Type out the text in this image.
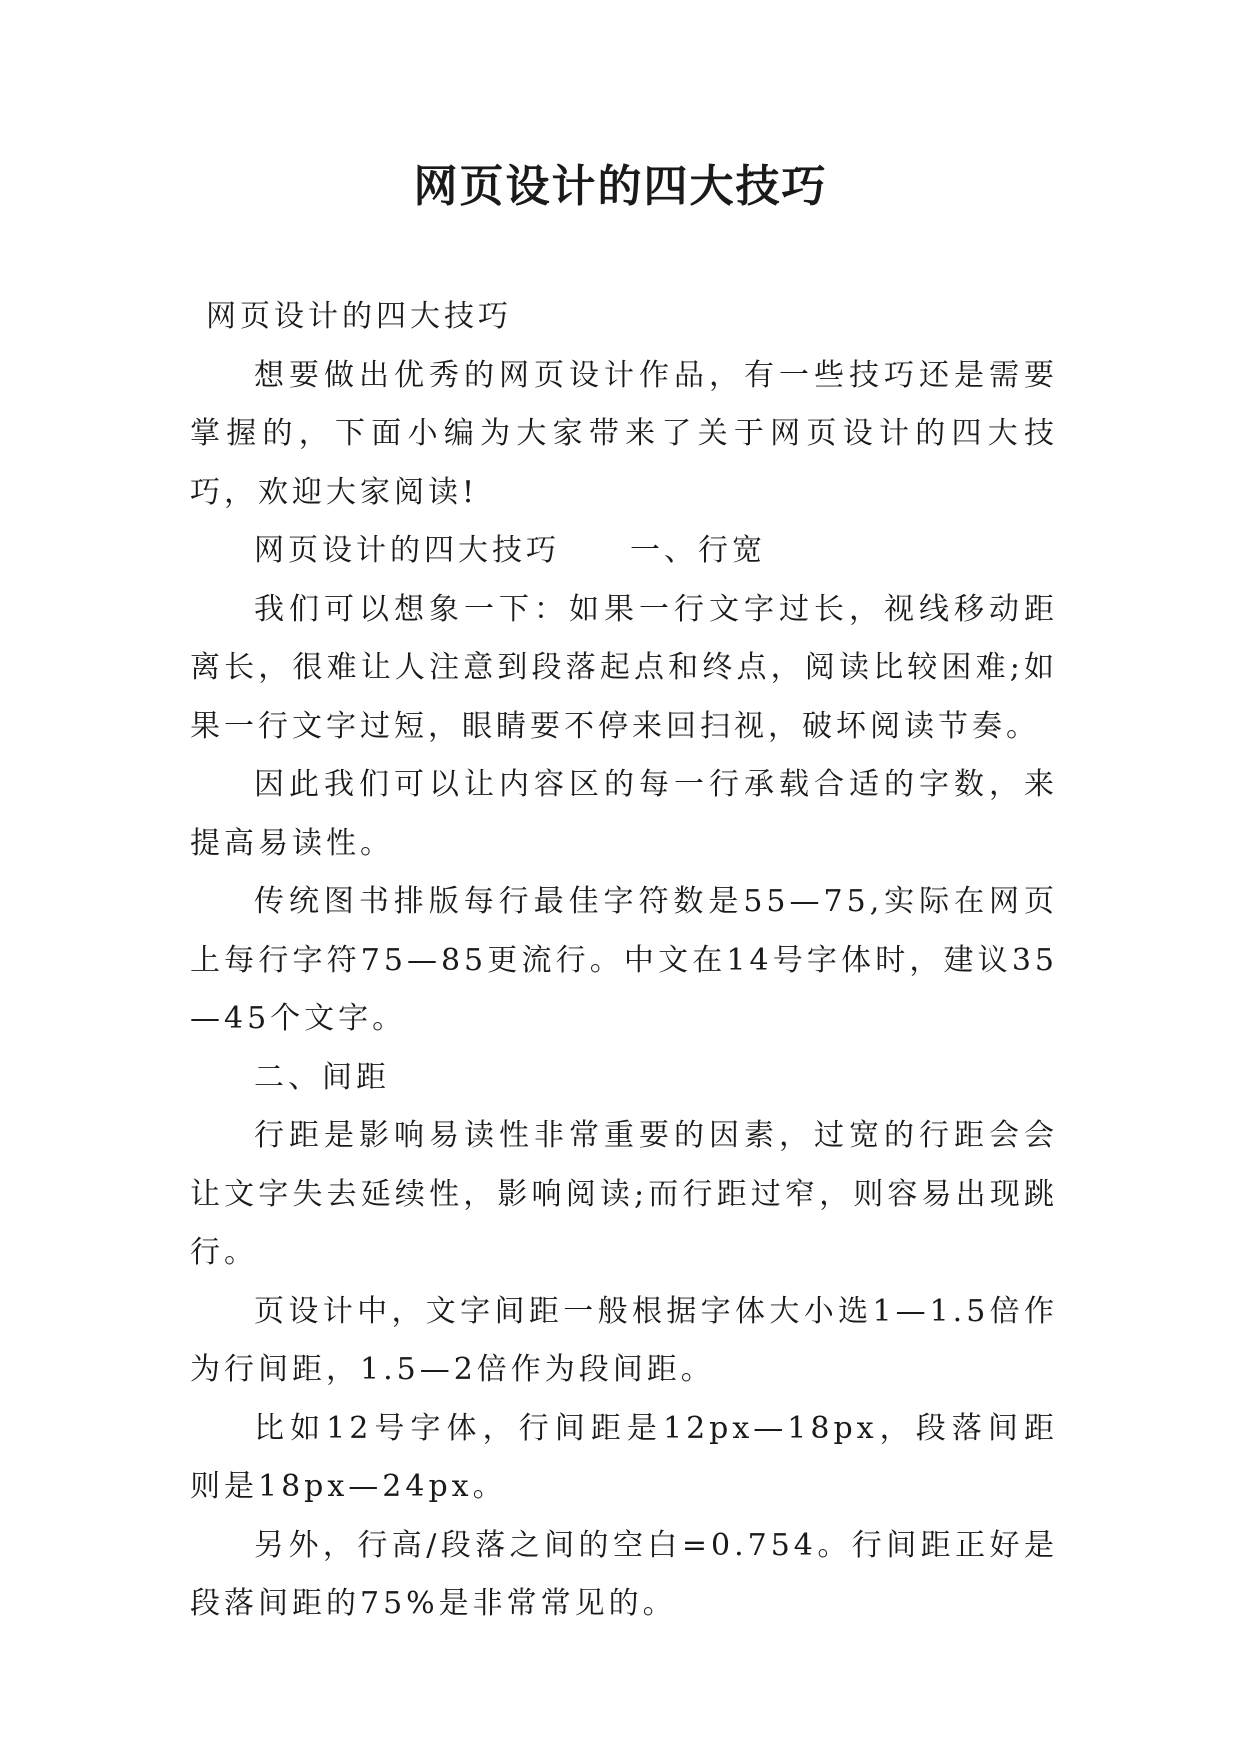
网页设计的四大技巧

网页设计的四大技巧

想要做出优秀的网页设计作品，有一些技巧还是需要掌握的，下面小编为大家带来了关于网页设计的四大技巧，欢迎大家阅读!

网页设计的四大技巧 一、行宽

我们可以想象一下：如果一行文字过长，视线移动距离长，很难让人注意到段落起点和终点，阅读比较困难;如果一行文字过短，眼睛要不停来回扫视，破坏阅读节奏。

因此我们可以让内容区的每一行承载合适的字数，来提高易读性。

传统图书排版每行最佳字符数是55—75,实际在网页上每行字符75—85更流行。中文在14号字体时，建议35—45个文字。

二、间距

行距是影响易读性非常重要的因素，过宽的行距会会让文字失去延续性，影响阅读;而行距过窄，则容易出现跳行。

页设计中，文字间距一般根据字体大小选1—1.5倍作为行间距，1.5—2倍作为段间距。

比如12号字体，行间距是12px—18px，段落间距则是18px—24px。

另外，行高/段落之间的空白=0.754。行间距正好是段落间距的75%是非常常见的。
